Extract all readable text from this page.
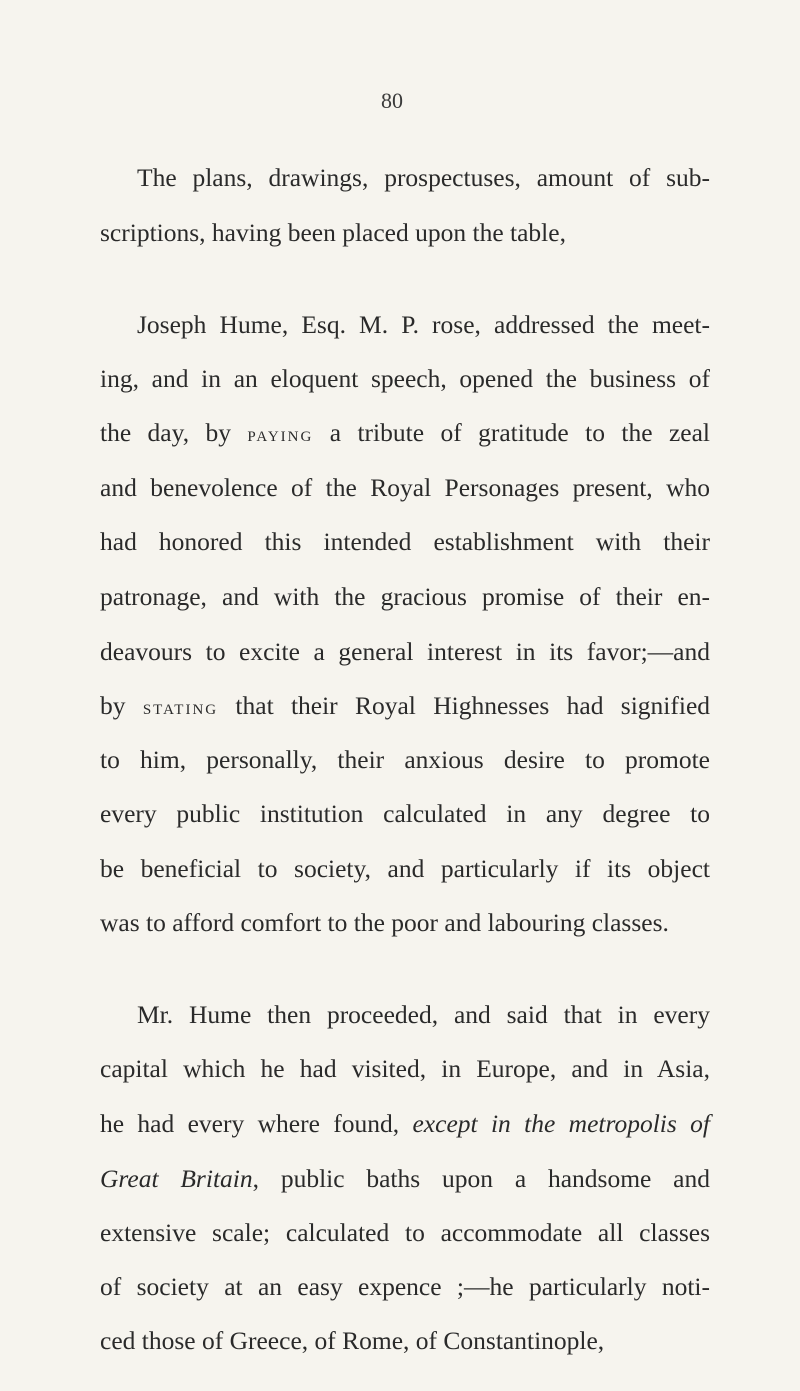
80
The plans, drawings, prospectuses, amount of sub-
scriptions, having been placed upon the table,
Joseph Hume, Esq. M. P. rose, addressed the meet-
ing, and in an eloquent speech, opened the business of
the day, by paying a tribute of gratitude to the zeal
and benevolence of the Royal Personages present, who
had honored this intended establishment with their
patronage, and with the gracious promise of their en-
deavours to excite a general interest in its favor;—and
by stating that their Royal Highnesses had signified
to him, personally, their anxious desire to promote
every public institution calculated in any degree to
be beneficial to society, and particularly if its object
was to afford comfort to the poor and labouring classes.
Mr. Hume then proceeded, and said that in every
capital which he had visited, in Europe, and in Asia,
he had every where found, except in the metropolis of
Great Britain, public baths upon a handsome and
extensive scale; calculated to accommodate all classes
of society at an easy expence ;—he particularly noti-
ced those of Greece, of Rome, of Constantinople,
